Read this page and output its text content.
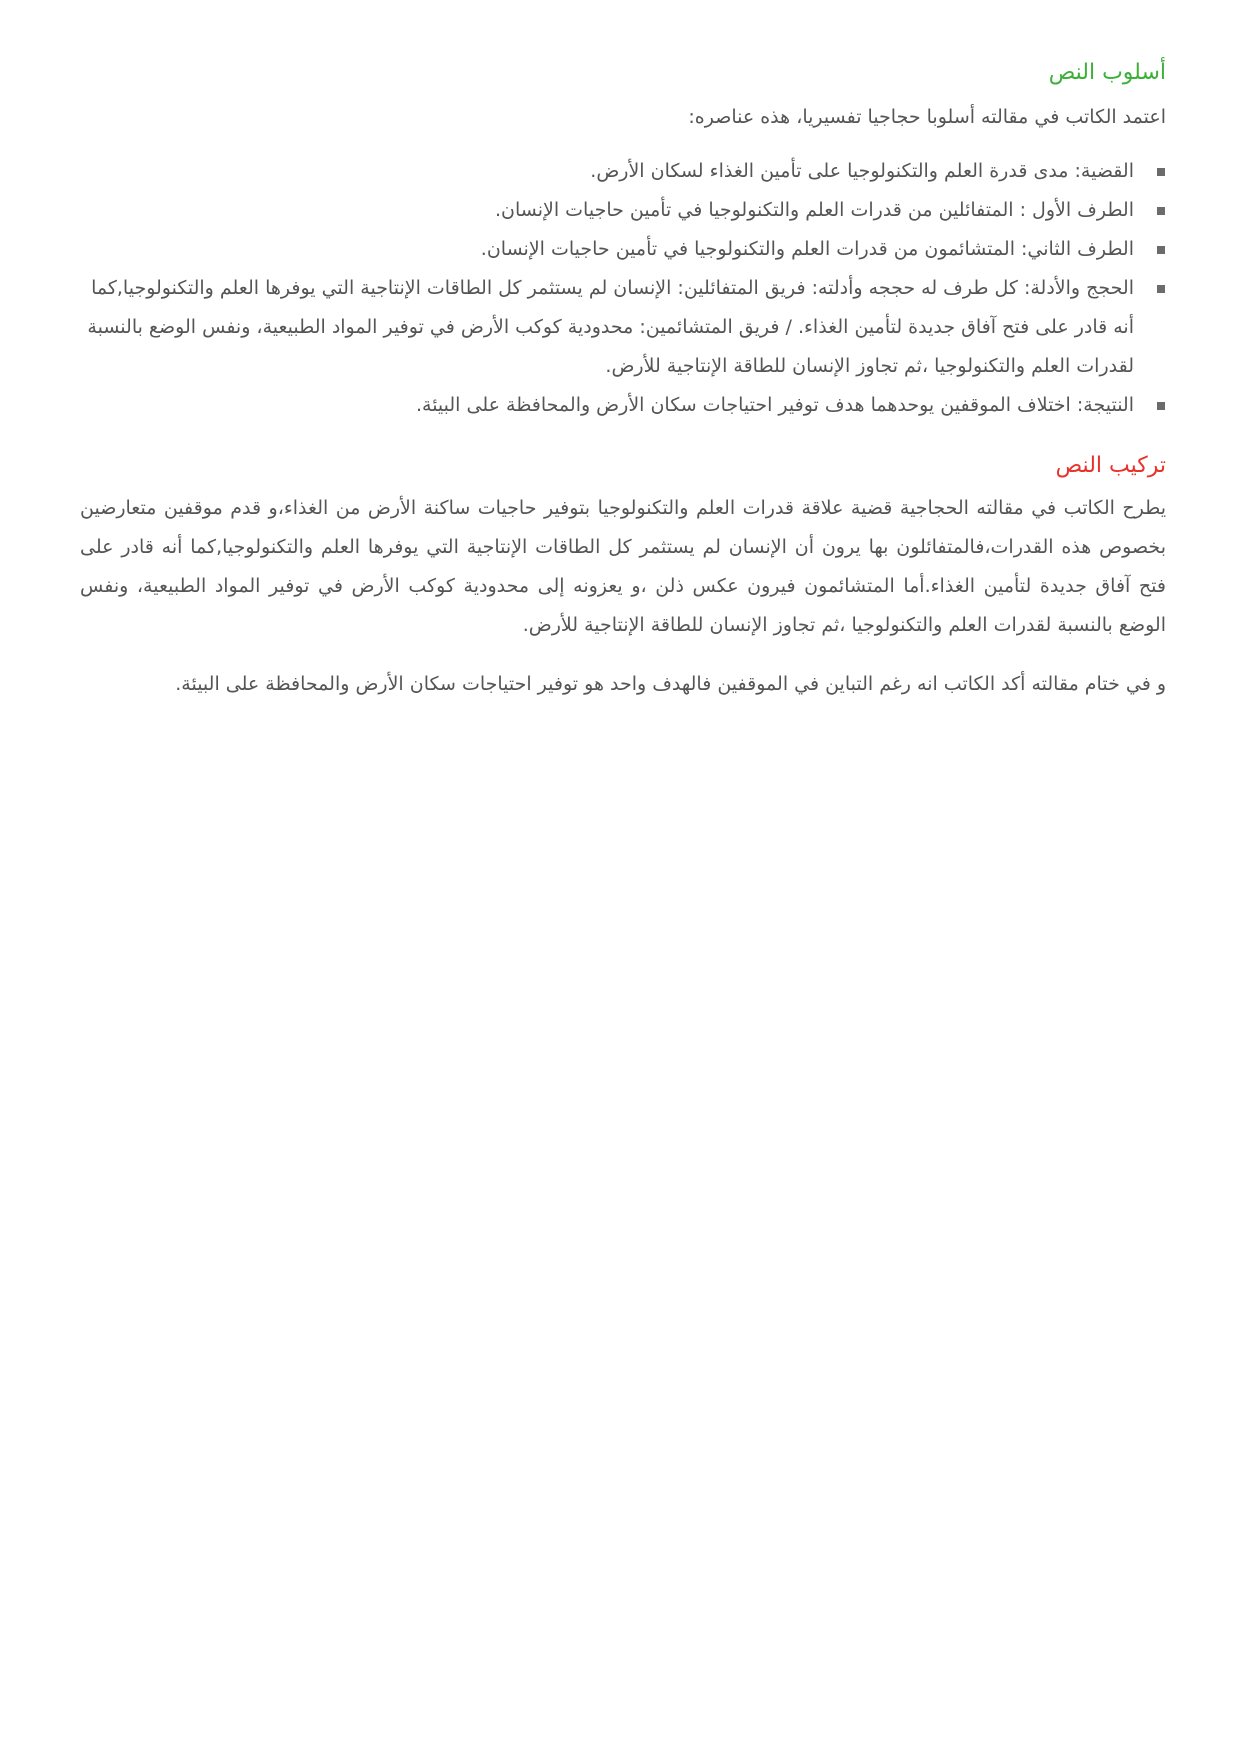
أسلوب النص

اعتمد الكاتب في مقالته أسلوبا حجاجيا تفسيريا، هذه عناصره:

القضية: مدى قدرة العلم والتكنولوجيا على تأمين الغذاء لسكان الأرض.
الطرف الأول : المتفائلين من قدرات العلم والتكنولوجيا في تأمين حاجيات الإنسان.
الطرف الثاني: المتشائمون من قدرات العلم والتكنولوجيا في تأمين حاجيات الإنسان.
الحجج والأدلة: كل طرف له حججه وأدلته: فريق المتفائلين: الإنسان لم يستثمر كل الطاقات الإنتاجية التي يوفرها العلم والتكنولوجيا,كما أنه قادر على فتح آفاق جديدة لتأمين الغذاء. / فريق المتشائمين: محدودية كوكب الأرض في توفير المواد الطبيعية، ونفس الوضع بالنسبة لقدرات العلم والتكنولوجيا ،ثم تجاوز الإنسان للطاقة الإنتاجية للأرض.
النتيجة: اختلاف الموقفين يوحدهما هدف توفير احتياجات سكان الأرض والمحافظة على البيئة.
تركيب النص

يطرح الكاتب في مقالته الحجاجية قضية علاقة قدرات العلم والتكنولوجيا بتوفير حاجيات ساكنة الأرض من الغذاء،و قدم موقفين متعارضين بخصوص هذه القدرات،فالمتفائلون بها يرون أن الإنسان لم يستثمر كل الطاقات الإنتاجية التي يوفرها العلم والتكنولوجيا,كما أنه قادر على فتح آفاق جديدة لتأمين الغذاء.أما المتشائمون فيرون عكس ذلن ،و يعزونه إلى محدودية كوكب الأرض في توفير المواد الطبيعية، ونفس الوضع بالنسبة لقدرات العلم والتكنولوجيا ،ثم تجاوز الإنسان للطاقة الإنتاجية للأرض.

و في ختام مقالته أكد الكاتب انه رغم التباين في الموقفين فالهدف واحد هو توفير احتياجات سكان الأرض والمحافظة على البيئة.
